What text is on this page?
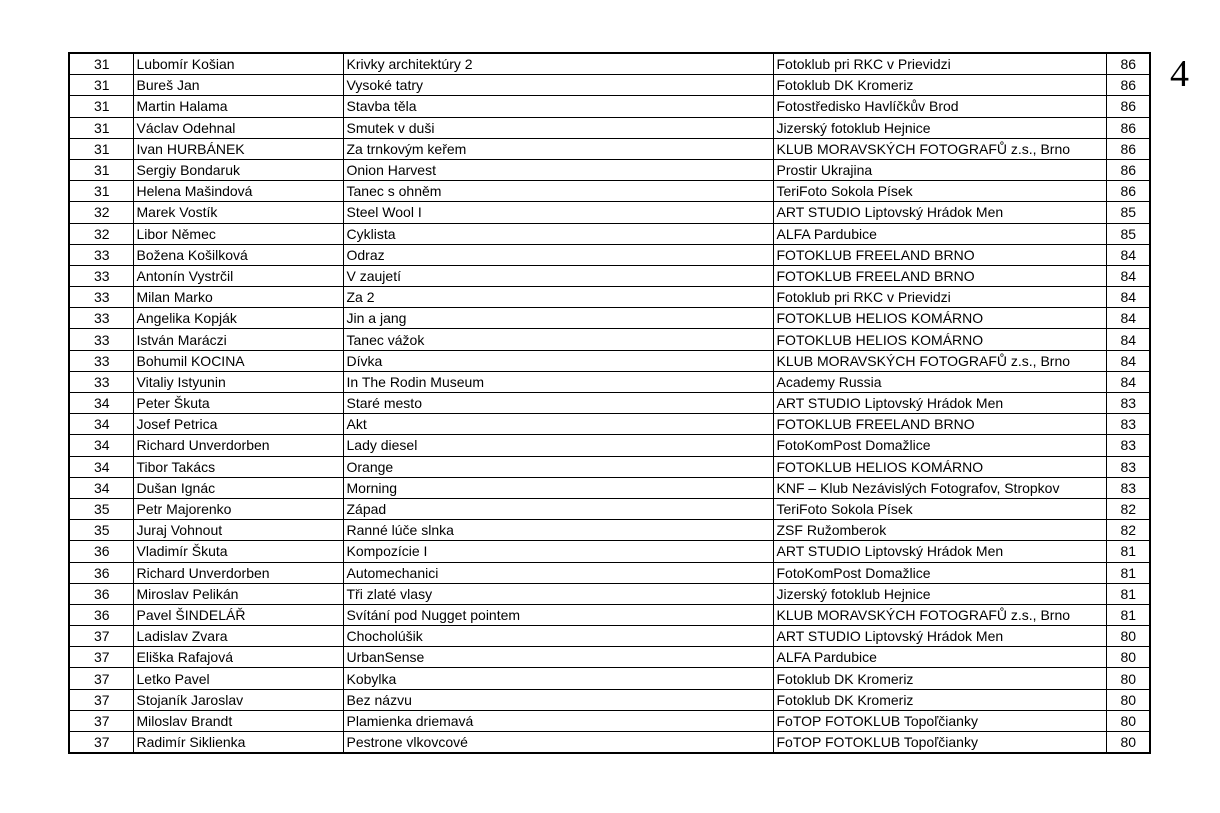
31	Lubomír Košian	Krivky architektúry 2	Fotoklub pri RKC v Prievidzi	86
31	Bureš Jan	Vysoké tatry	Fotoklub DK Kromeriz	86
31	Martin Halama	Stavba těla	Fotostředisko Havlíčkův Brod	86
31	Václav Odehnal	Smutek v duši	Jizerský fotoklub Hejnice	86
31	Ivan HURBÁNEK	Za trnkovým keřem	KLUB MORAVSKÝCH FOTOGRAFŮ z.s., Brno	86
31	Sergiy Bondaruk	Onion Harvest	Prostir Ukrajina	86
31	Helena Mašindová	Tanec s ohněm	TeriFoto Sokola Písek	86
32	Marek Vostík	Steel Wool I	ART STUDIO Liptovský Hrádok Men	85
32	Libor Němec	Cyklista	ALFA Pardubice	85
33	Božena Košilková	Odraz	FOTOKLUB FREELAND BRNO	84
33	Antonín Vystrčil	V zaujetí	FOTOKLUB FREELAND BRNO	84
33	Milan Marko	Za 2	Fotoklub pri RKC v Prievidzi	84
33	Angelika Kopják	Jin a jang	FOTOKLUB HELIOS KOMÁRNO	84
33	István Maráczi	Tanec vážok	FOTOKLUB HELIOS KOMÁRNO	84
33	Bohumil KOCINA	Dívka	KLUB MORAVSKÝCH FOTOGRAFŮ z.s., Brno	84
33	Vitaliy Istyunin	In The Rodin Museum	Academy Russia	84
34	Peter Škuta	Staré mesto	ART STUDIO Liptovský Hrádok Men	83
34	Josef Petrica	Akt	FOTOKLUB FREELAND BRNO	83
34	Richard Unverdorben	Lady diesel	FotoKomPost Domažlice	83
34	Tibor Takács	Orange	FOTOKLUB HELIOS KOMÁRNO	83
34	Dušan Ignác	Morning	KNF – Klub Nezávislých Fotografov, Stropkov	83
35	Petr Majorenko	Západ	TeriFoto Sokola Písek	82
35	Juraj Vohnout	Ranné lúče slnka	ZSF Ružomberok	82
36	Vladimír Škuta	Kompozície I	ART STUDIO Liptovský Hrádok Men	81
36	Richard Unverdorben	Automechanici	FotoKomPost Domažlice	81
36	Miroslav Pelikán	Tři zlaté vlasy	Jizerský fotoklub Hejnice	81
36	Pavel ŠINDELÁŘ	Svítání pod Nugget pointem	KLUB MORAVSKÝCH FOTOGRAFŮ z.s., Brno	81
37	Ladislav Zvara	Chocholúšik	ART STUDIO Liptovský Hrádok Men	80
37	Eliška Rafajová	UrbanSense	ALFA Pardubice	80
37	Letko Pavel	Kobylka	Fotoklub DK Kromeriz	80
37	Stojaník Jaroslav	Bez názvu	Fotoklub DK Kromeriz	80
37	Miloslav Brandt	Plamienka driemavá	FoTOP FOTOKLUB Topoľčianky	80
37	Radimír Siklienka	Pestrone vlkovcové	FoTOP FOTOKLUB Topoľčianky	80
4
